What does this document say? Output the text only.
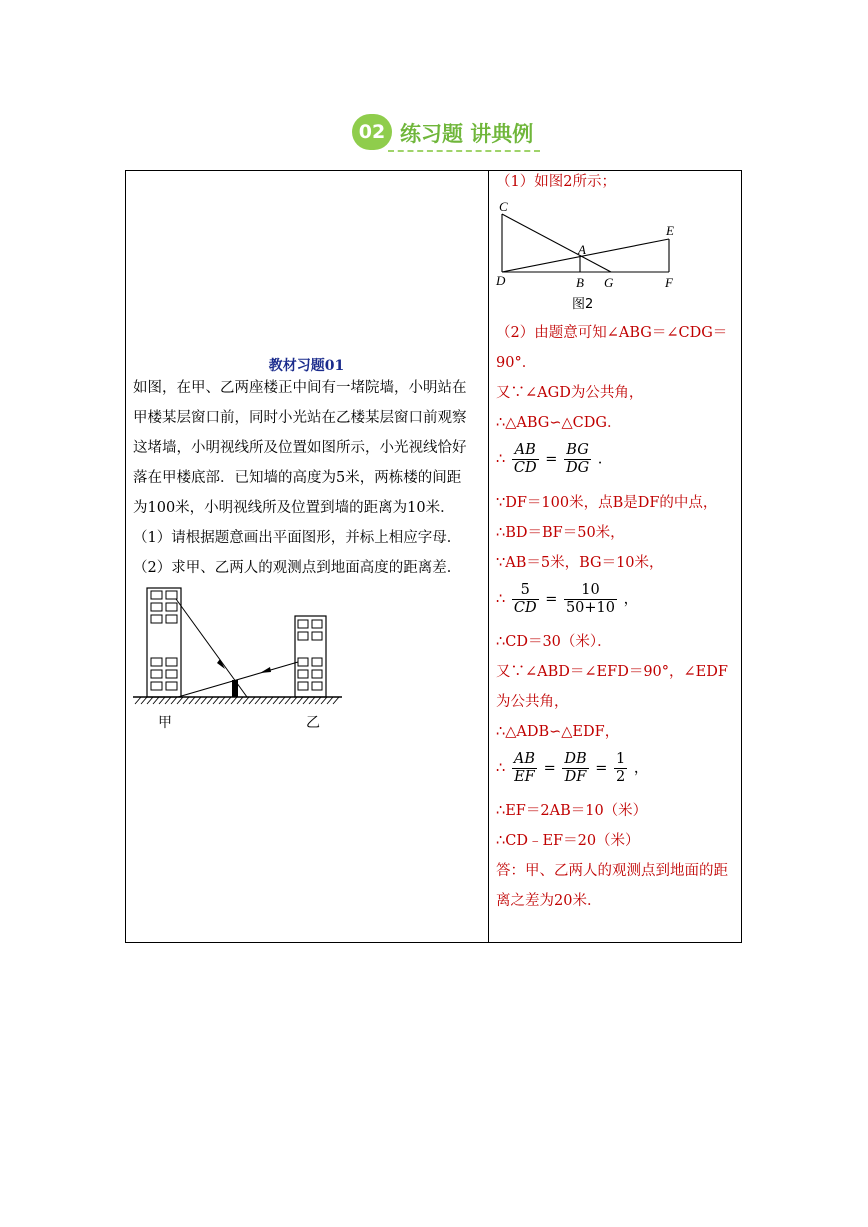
02 练习题 讲典例
教材习题01
如图，在甲、乙两座楼正中间有一堵院墙，小明站在
甲楼某层窗口前，同时小光站在乙楼某层窗口前观察
这堵墙，小明视线所及位置如图所示，小光视线恰好
落在甲楼底部．已知墙的高度为5米，两栋楼的间距
为100米，小明视线所及位置到墙的距离为10米．
（1）请根据题意画出平面图形，并标上相应字母．
（2）求甲、乙两人的观测点到地面高度的距离差．
甲	乙
（1）如图2所示；
C
A
E
D	B G	F
图2
（2）由题意可知∠ABG＝∠CDG＝
90°．
又∵∠AGD为公共角，
∴△ABG∽△CDG．
∴ $\frac{AB}{CD} = \frac{BG}{DG}$ .
∵DF＝100米，点B是DF的中点，
∴BD＝BF＝50米，
∵AB＝5米，BG＝10米，
∴ $\frac{5}{CD} = \frac{10}{50+10}$ ，
∴CD＝30（米）．
又∵∠ABD＝∠EFD＝90°，∠EDF
为公共角，
∴△ADB∽△EDF，
∴ $\frac{AB}{EF} = \frac{DB}{DF} = \frac{1}{2}$ ，
∴EF＝2AB＝10（米）
∴CD﹣EF＝20（米）
答：甲、乙两人的观测点到地面的距
离之差为20米．
